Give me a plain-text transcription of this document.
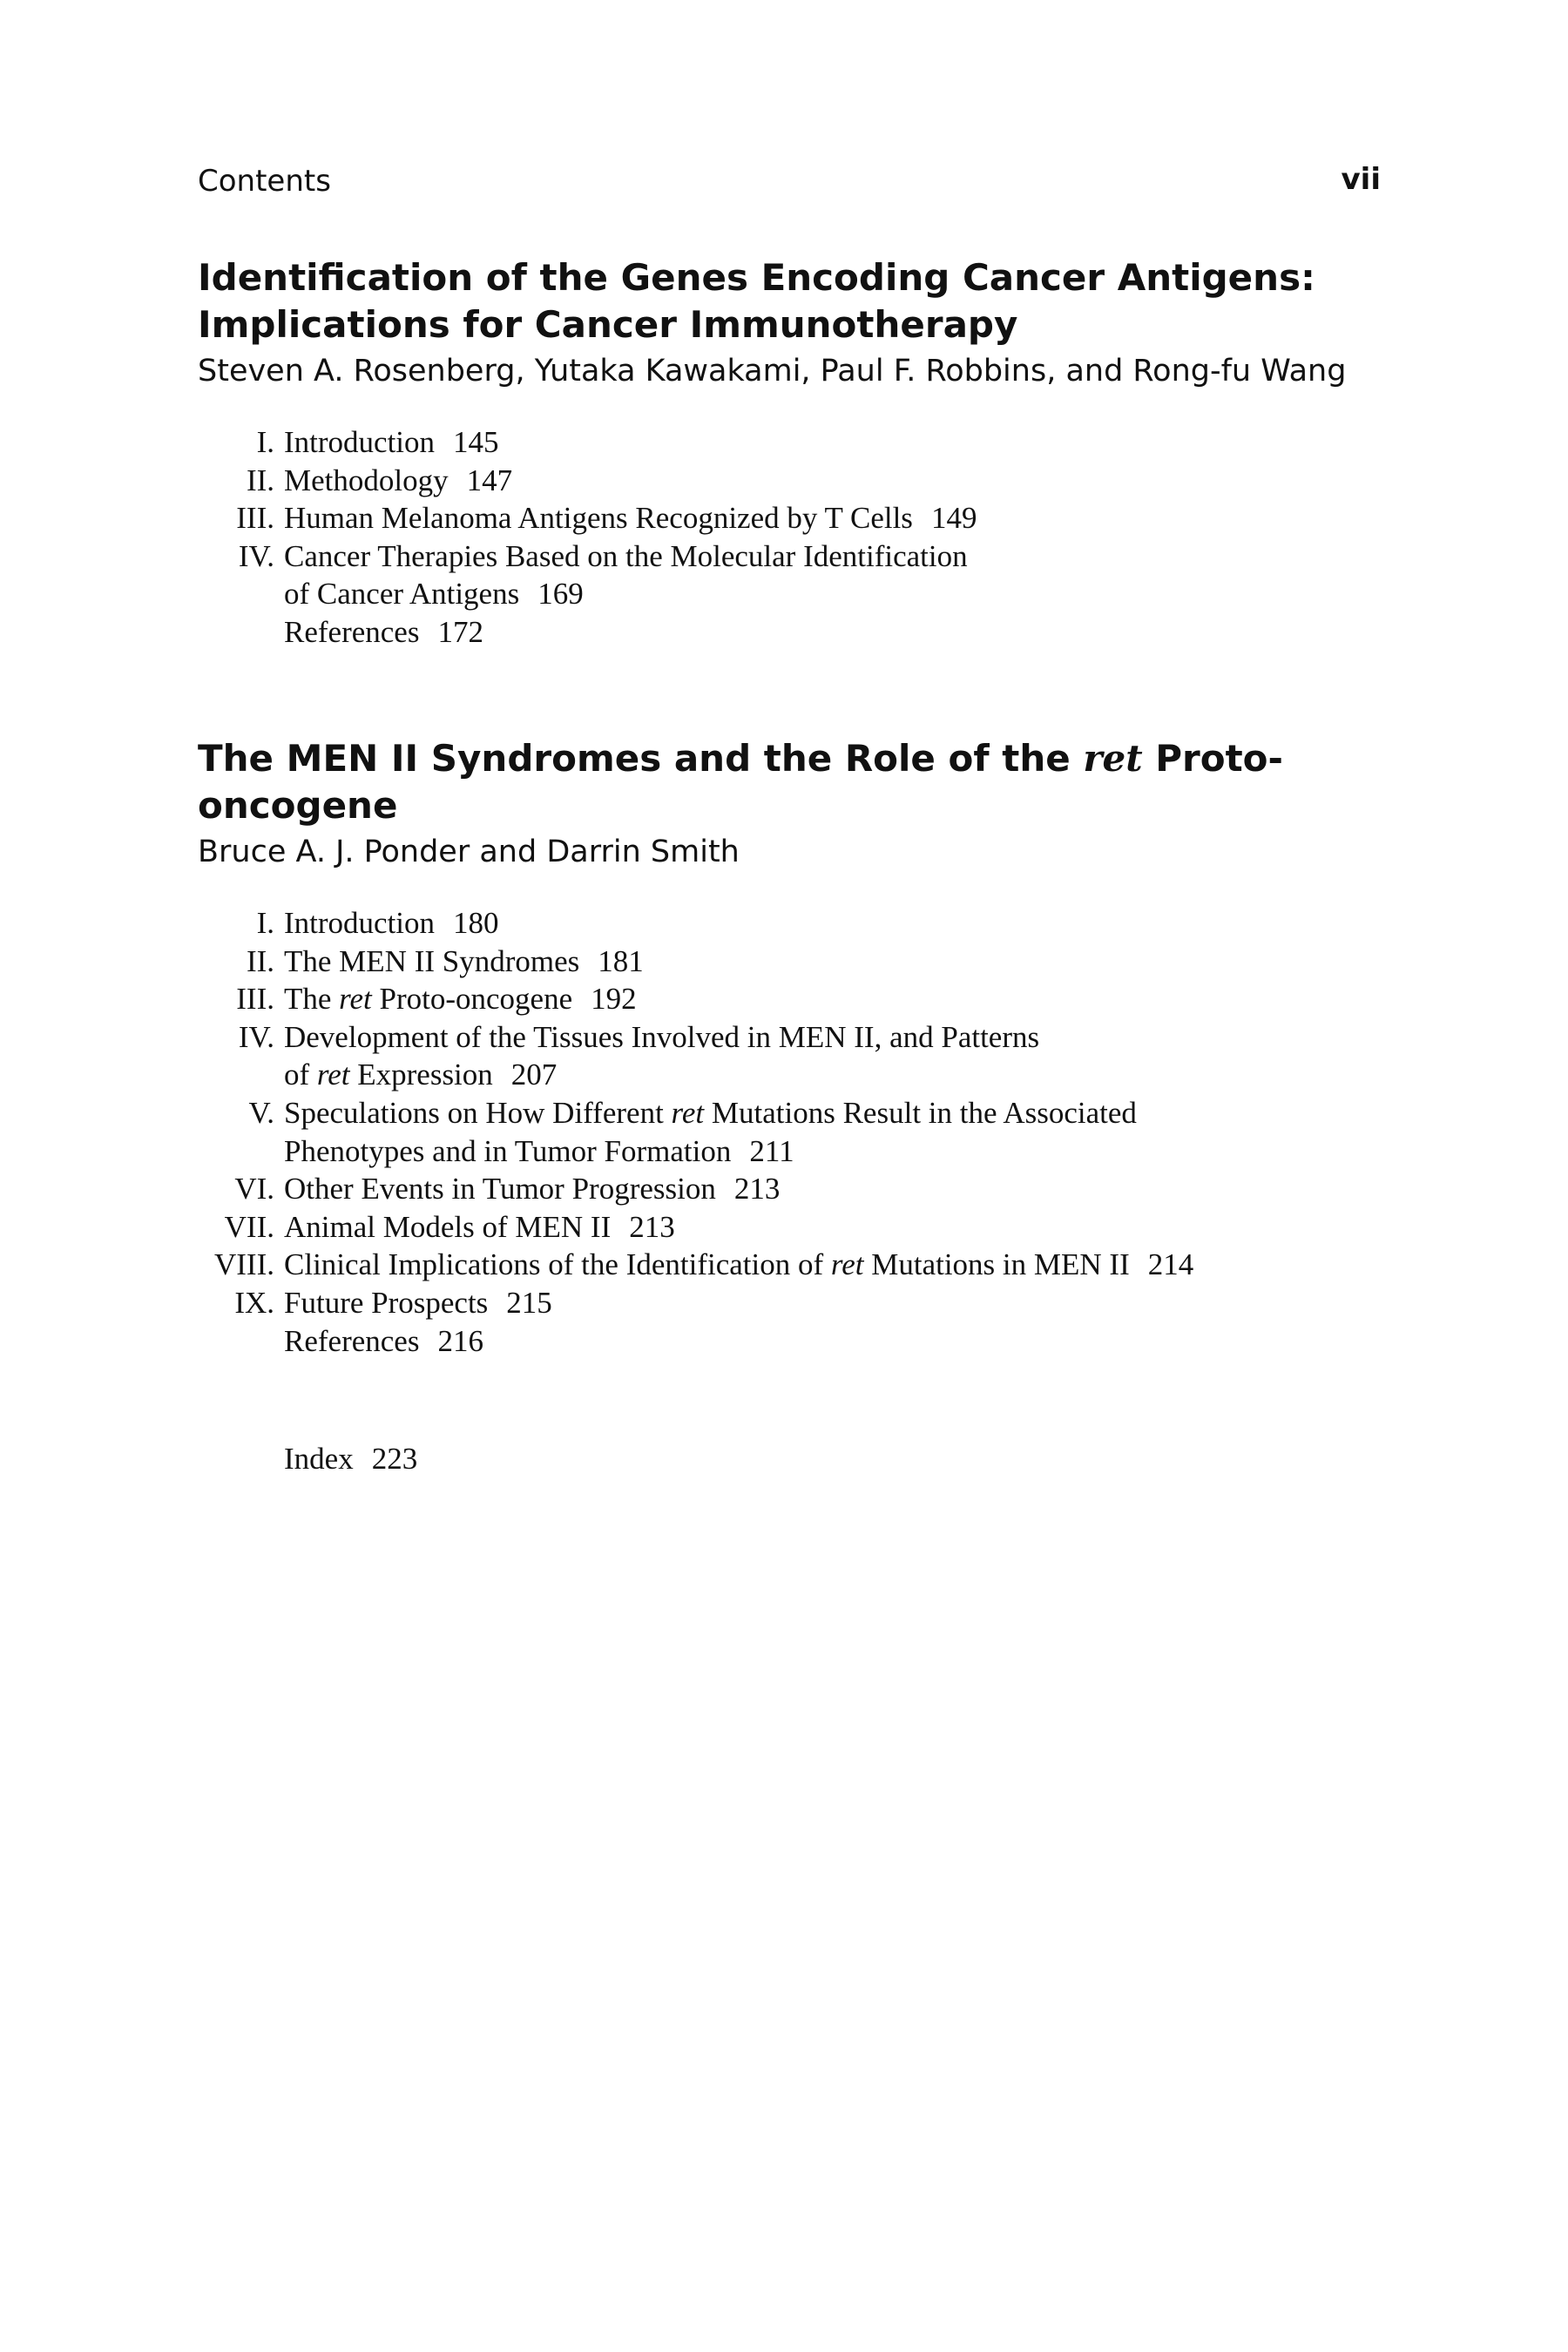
Contents	vii
Identification of the Genes Encoding Cancer Antigens:
Implications for Cancer Immunotherapy
Steven A. Rosenberg, Yutaka Kawakami, Paul F. Robbins, and Rong-fu Wang
I. Introduction 145
II. Methodology 147
III. Human Melanoma Antigens Recognized by T Cells 149
IV. Cancer Therapies Based on the Molecular Identification
of Cancer Antigens 169
References 172
The MEN II Syndromes and the Role of the ret Proto-oncogene
Bruce A. J. Ponder and Darrin Smith
I. Introduction 180
II. The MEN II Syndromes 181
III. The ret Proto-oncogene 192
IV. Development of the Tissues Involved in MEN II, and Patterns
of ret Expression 207
V. Speculations on How Different ret Mutations Result in the Associated
Phenotypes and in Tumor Formation 211
VI. Other Events in Tumor Progression 213
VII. Animal Models of MEN II 213
VIII. Clinical Implications of the Identification of ret Mutations in MEN II 214
IX. Future Prospects 215
References 216
Index 223
